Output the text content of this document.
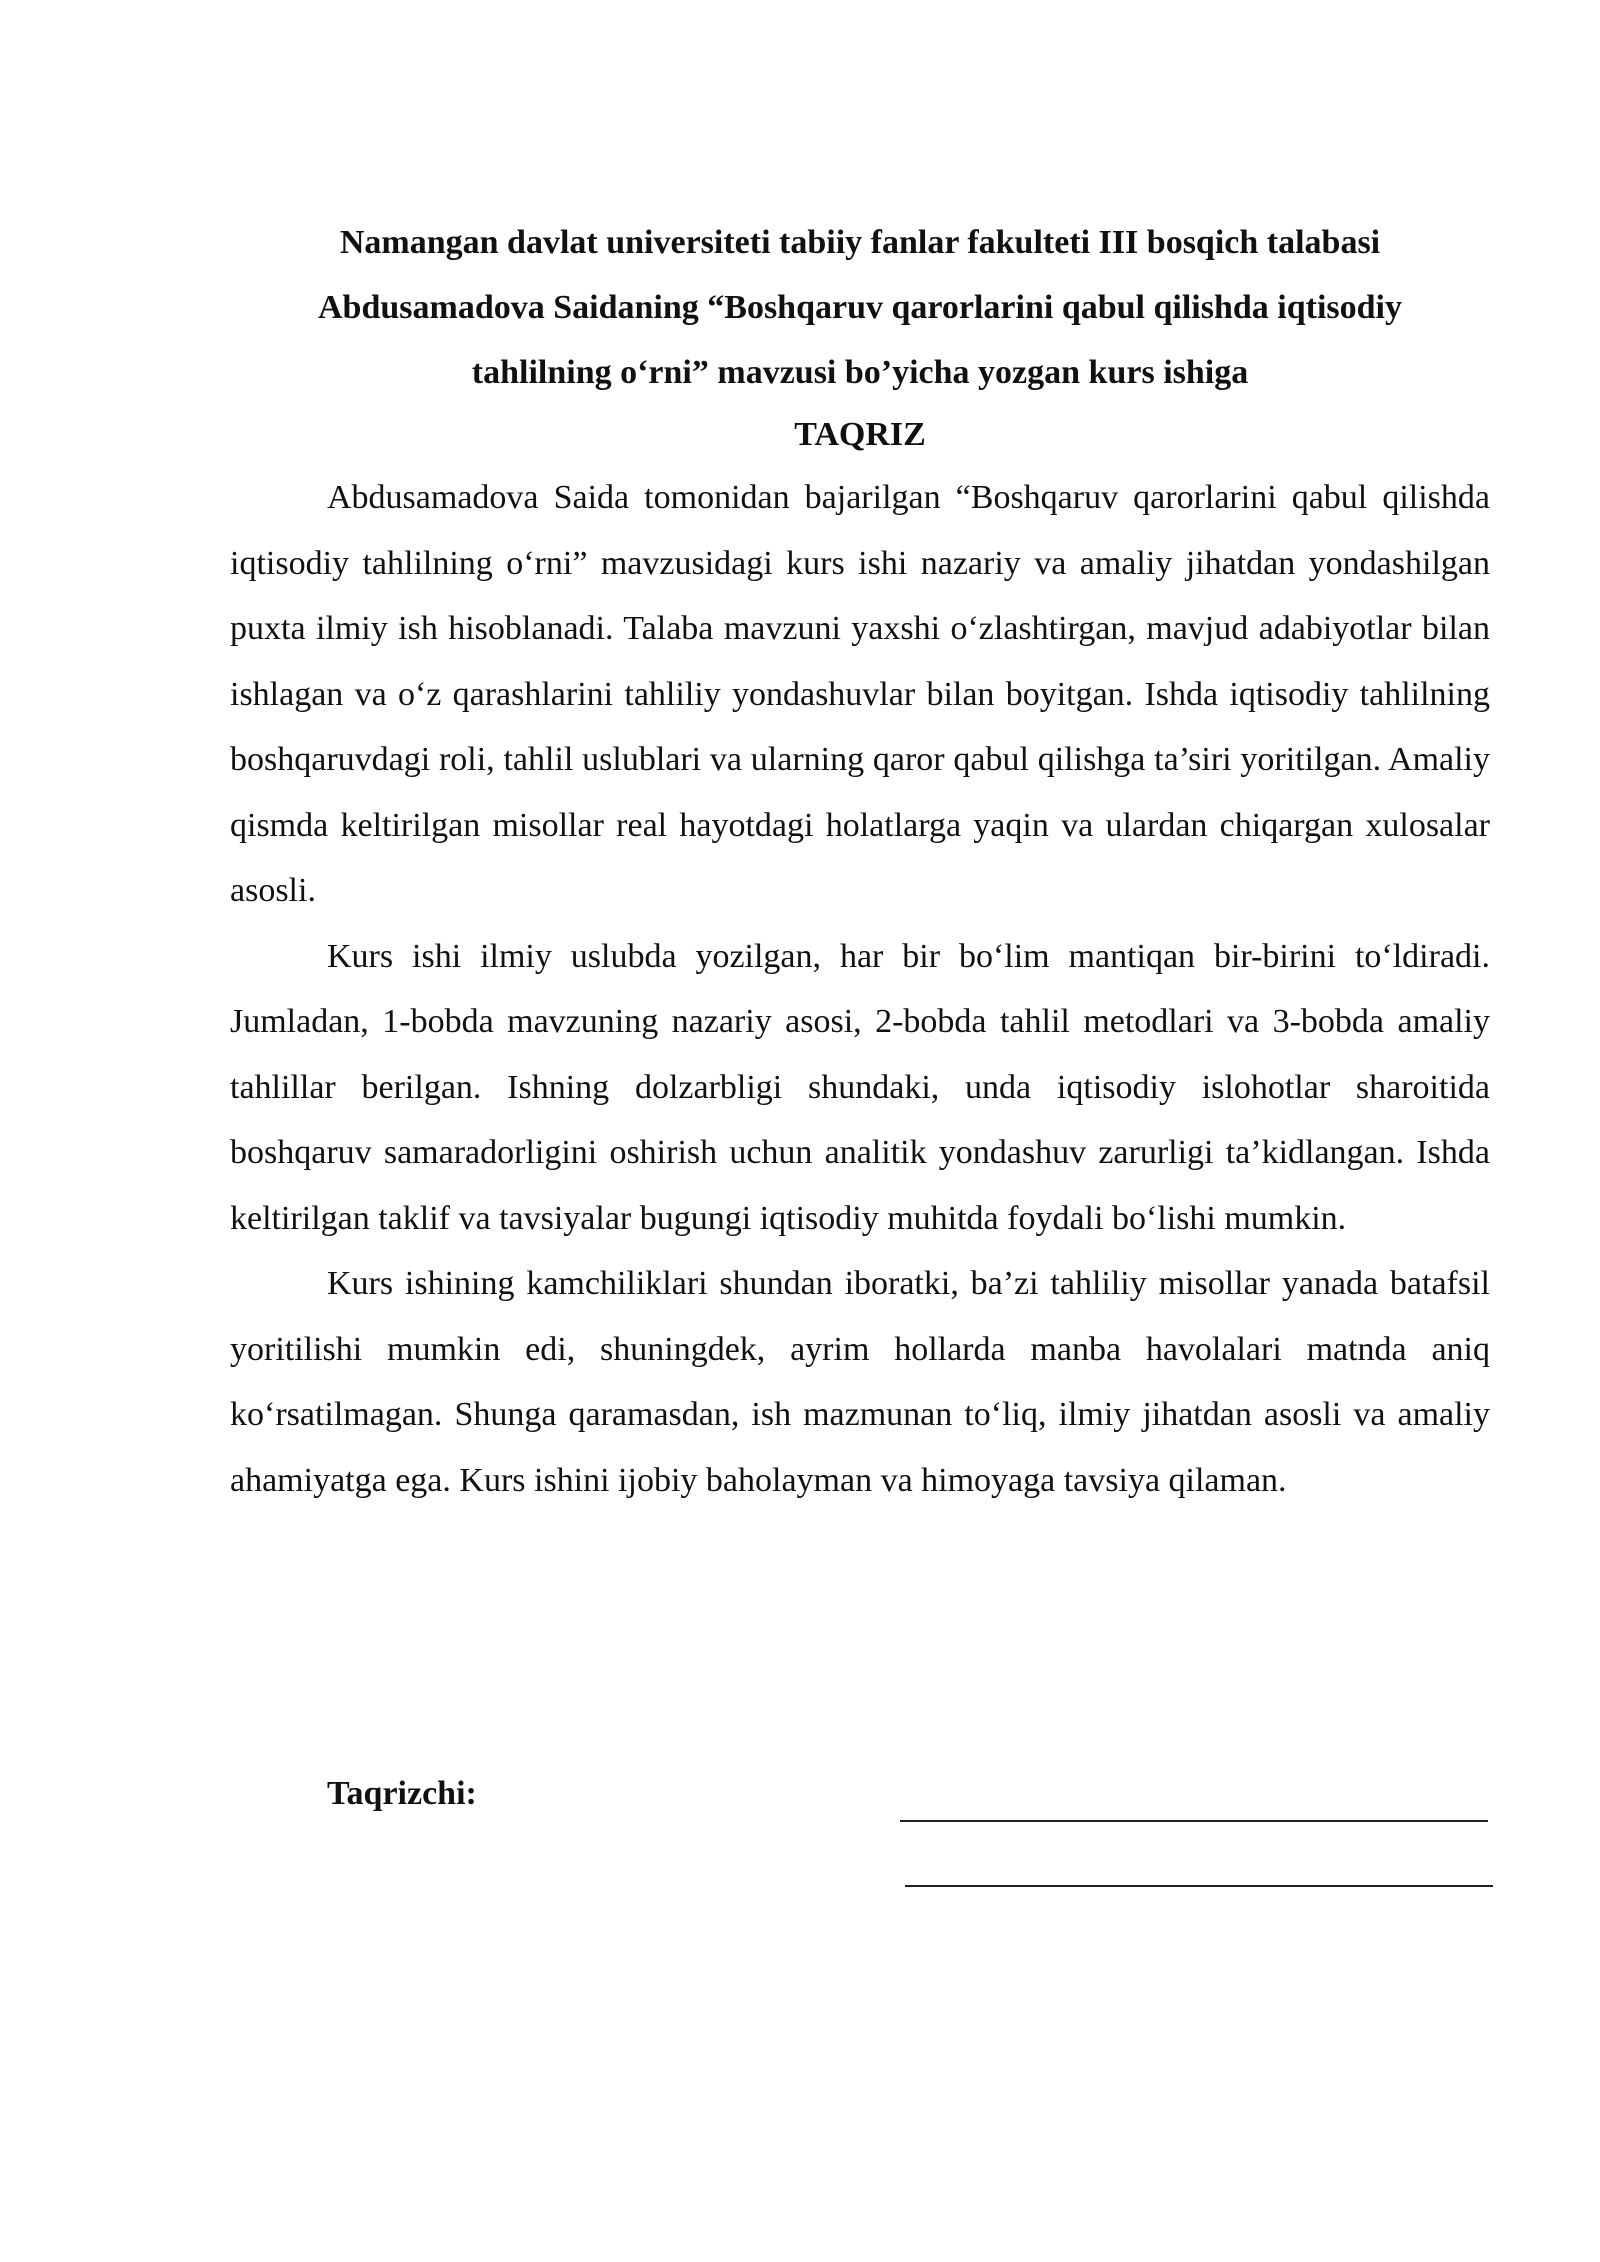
Namangan davlat universiteti tabiiy fanlar fakulteti III bosqich talabasi

Abdusamadova Saidaning “Boshqaruv qarorlarini qabul qilishda iqtisodiy

tahlilning o‘rni” mavzusi bo’yicha yozgan kurs ishiga

TAQRIZ

Abdusamadova Saida tomonidan bajarilgan “Boshqaruv qarorlarini qabul qilishda iqtisodiy tahlilning o‘rni” mavzusidagi kurs ishi nazariy va amaliy jihatdan yondashilgan puxta ilmiy ish hisoblanadi. Talaba mavzuni yaxshi o‘zlashtirgan, mavjud adabiyotlar bilan ishlagan va o‘z qarashlarini tahliliy yondashuvlar bilan boyitgan. Ishda iqtisodiy tahlilning boshqaruvdagi roli, tahlil uslublari va ularning qaror qabul qilishga ta’siri yoritilgan. Amaliy qismda keltirilgan misollar real hayotdagi holatlarga yaqin va ulardan chiqargan xulosalar asosli.

Kurs ishi ilmiy uslubda yozilgan, har bir bo‘lim mantiqan bir-birini to‘ldiradi. Jumladan, 1-bobda mavzuning nazariy asosi, 2-bobda tahlil metodlari va 3-bobda amaliy tahlillar berilgan. Ishning dolzarbligi shundaki, unda iqtisodiy islohotlar sharoitida boshqaruv samaradorligini oshirish uchun analitik yondashuv zarurligi ta’kidlangan. Ishda keltirilgan taklif va tavsiyalar bugungi iqtisodiy muhitda foydali bo‘lishi mumkin.

Kurs ishining kamchiliklari shundan iboratki, ba’zi tahliliy misollar yanada batafsil yoritilishi mumkin edi, shuningdek, ayrim hollarda manba havolalari matnda aniq ko‘rsatilmagan. Shunga qaramasdan, ish mazmunan to‘liq, ilmiy jihatdan asosli va amaliy ahamiyatga ega. Kurs ishini ijobiy baholayman va himoyaga tavsiya qilaman.

Taqrizchi:
